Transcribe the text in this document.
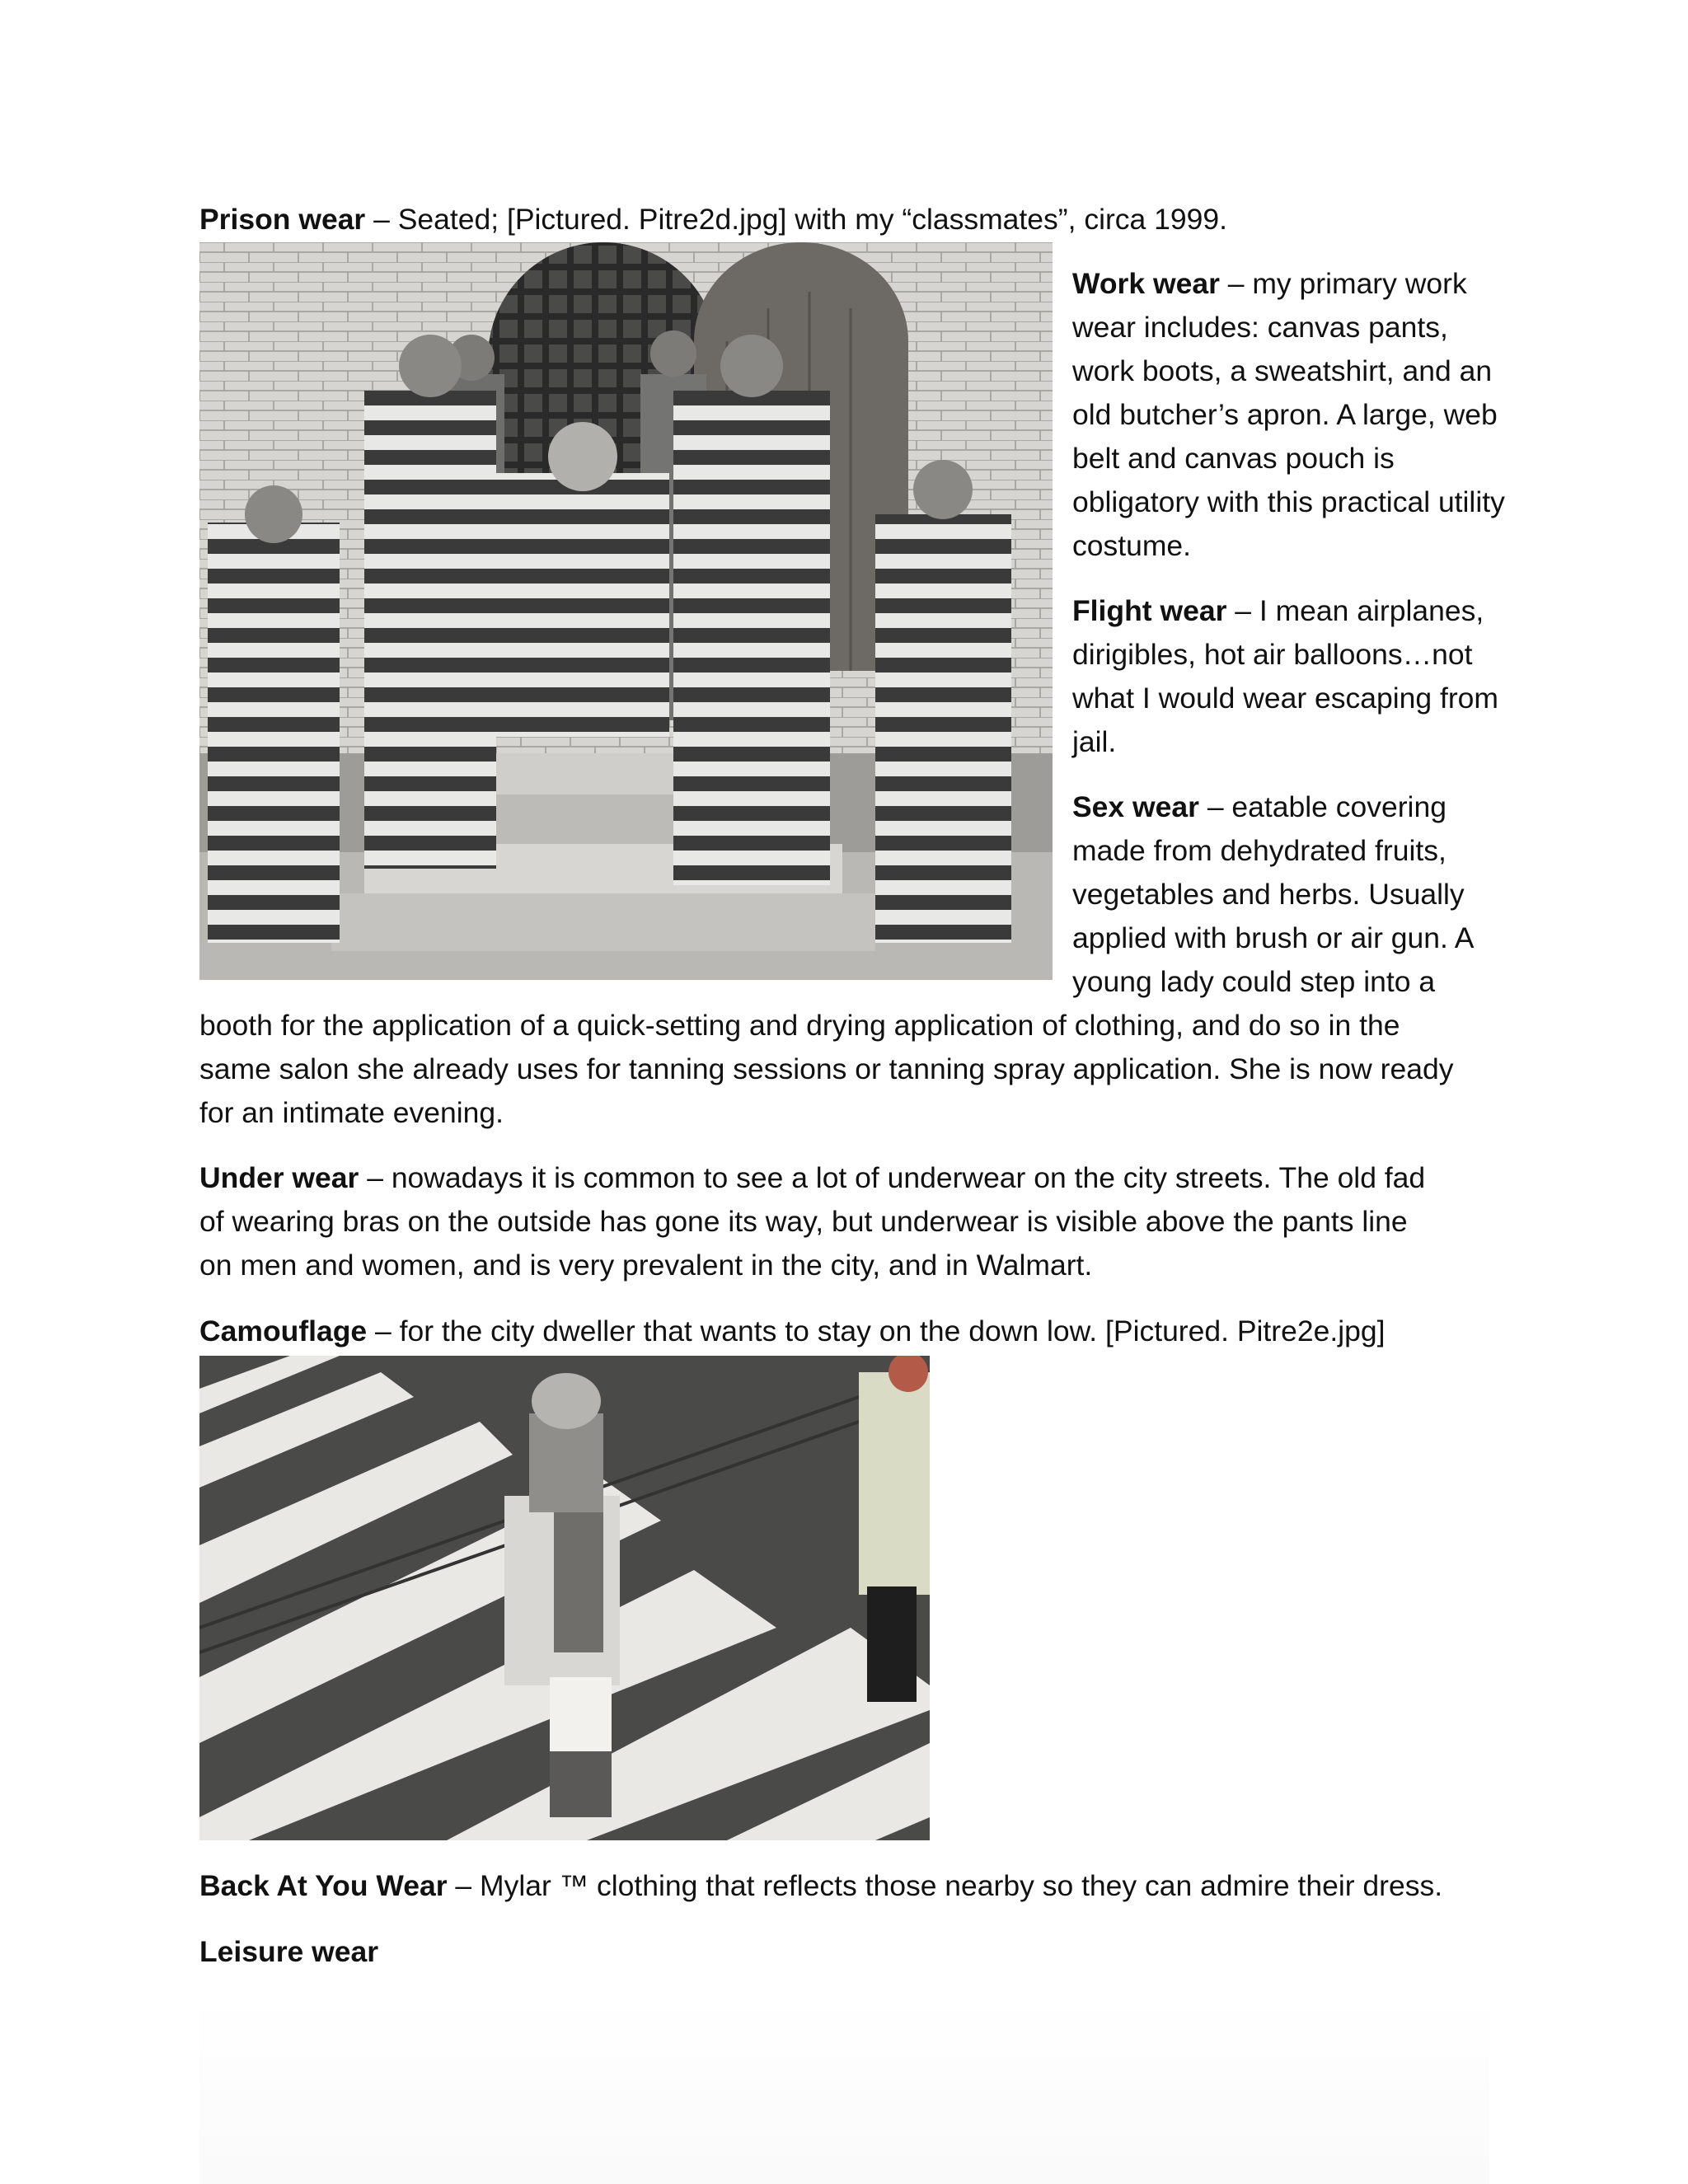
Prison wear – Seated; [Pictured. Pitre2d.jpg] with my “classmates”, circa 1999.

Work wear – my primary work wear includes: canvas pants, work boots, a sweatshirt, and an old butcher’s apron. A large, web belt and canvas pouch is obligatory with this practical utility costume.

Flight wear – I mean airplanes, dirigibles, hot air balloons…not what I would wear escaping from jail.

Sex wear – eatable covering made from dehydrated fruits, vegetables and herbs. Usually applied with brush or air gun. A young lady could step into a

booth for the application of a quick-setting and drying application of clothing, and do so in the
same salon she already uses for tanning sessions or tanning spray application. She is now ready
for an intimate evening.
Under wear – nowadays it is common to see a lot of underwear on the city streets. The old fad
of wearing bras on the outside has gone its way, but underwear is visible above the pants line
on men and women, and is very prevalent in the city, and in Walmart.
Camouflage – for the city dweller that wants to stay on the down low. [Pictured. Pitre2e.jpg]
Back At You Wear – Mylar ™ clothing that reflects those nearby so they can admire their dress.
Leisure wear
